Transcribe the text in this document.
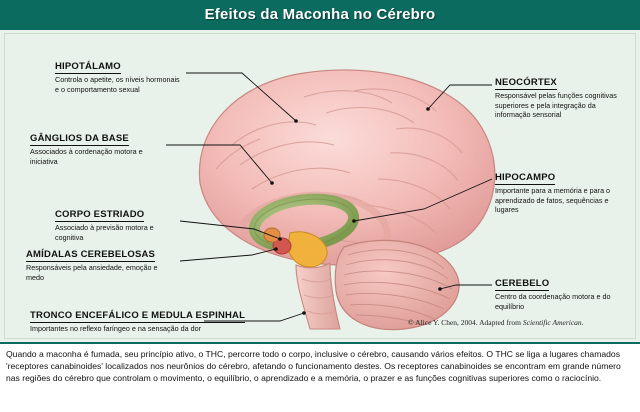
Efeitos da Maconha no Cérebro
HIPOTÁLAMO
Controla o apetite, os níveis hormonais e o comportamento sexual
GÂNGLIOS DA BASE
Associados à cordenação motora e iniciativa
CORPO ESTRIADO
Associado à previsão motora e cognitiva
AMÍDALAS CEREBELOSAS
Responsáveis pela ansiedade, emoção e medo
TRONCO ENCEFÁLICO E MEDULA ESPINHAL
Importantes no reflexo faríngeo e na sensação da dor
NEOCÓRTEX
Responsável pelas funções cognitivas superiores e pela integração da informação sensorial
HIPOCAMPO
Importante para a memória e para o aprendizado de fatos, sequências e lugares
CEREBELO
Centro da coordenação motora e do equilíbrio
© Alice Y. Chen, 2004. Adapted from Scientific American.

Quando a maconha é fumada, seu princípio ativo, o THC, percorre todo o corpo, inclusive o cérebro, causando vários efeitos. O THC se liga a lugares chamados 'receptores canabinoides' localizados nos neurônios do cérebro, afetando o funcionamento destes. Os receptores canabinoides se encontram em grande número nas regiões do cérebro que controlam o movimento, o equilíbrio, o aprendizado e a memória, o prazer e as funções cognitivas superiores como o raciocínio.
